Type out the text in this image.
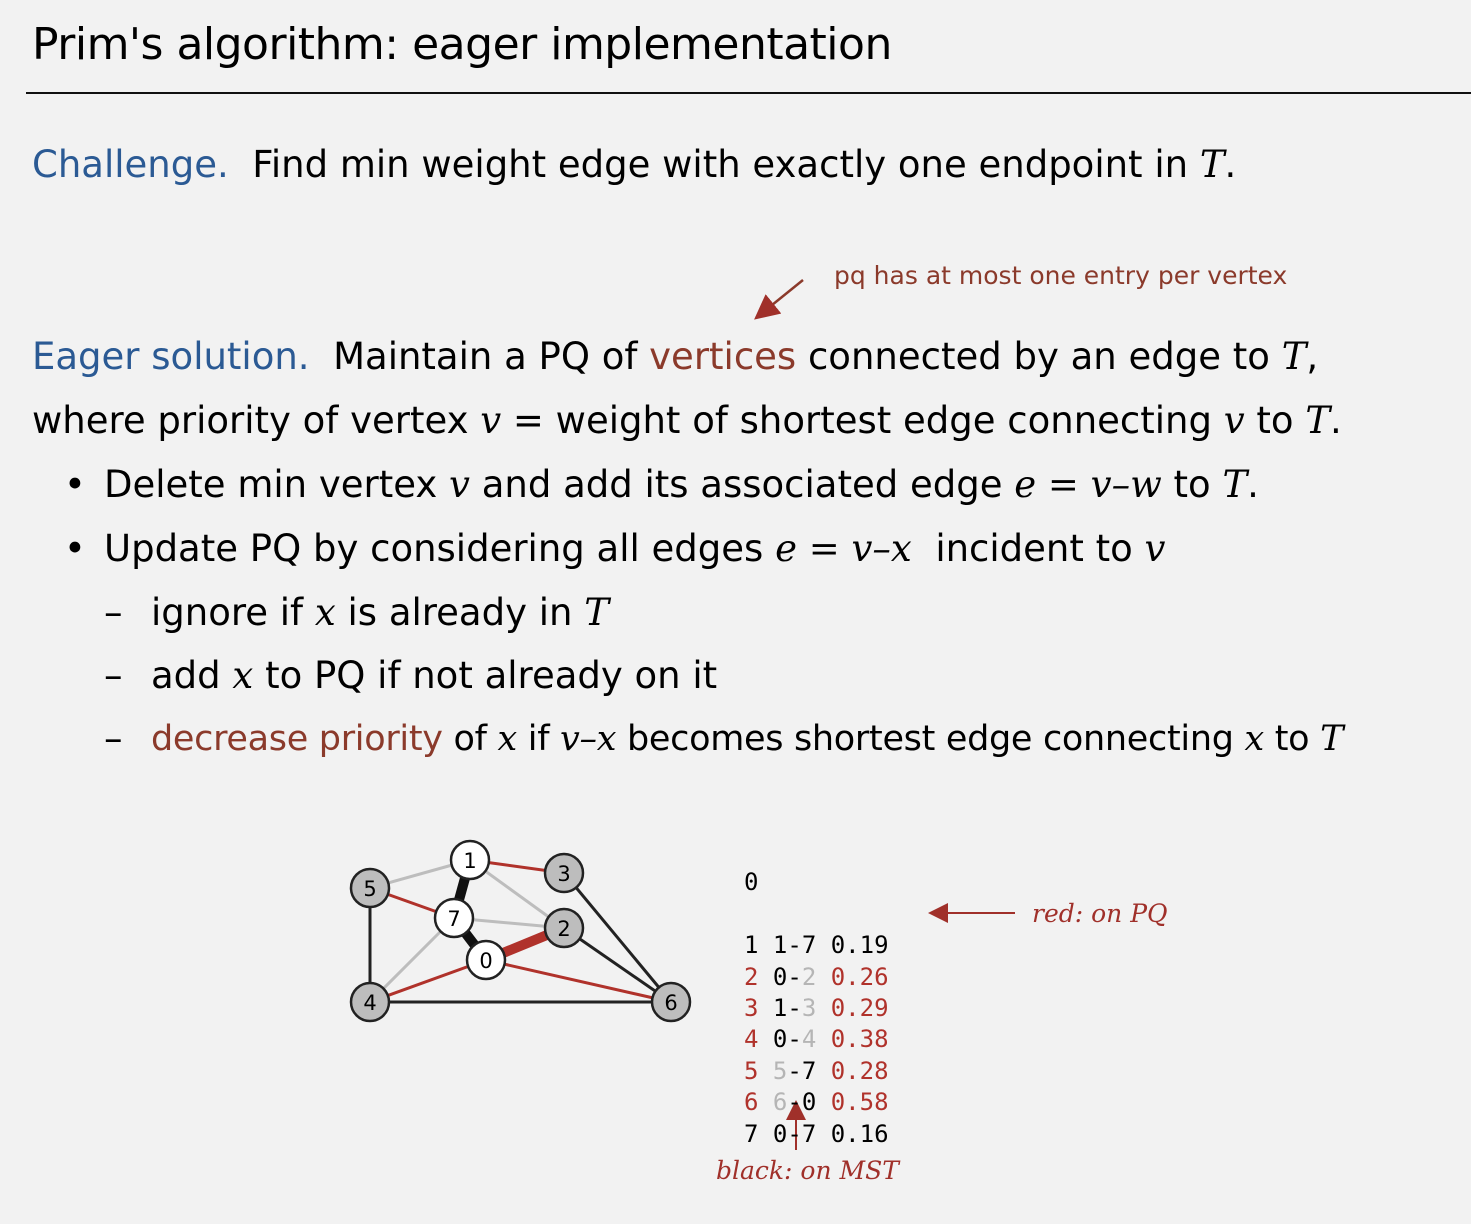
Prim's algorithm: eager implementation
Challenge. Find min weight edge with exactly one endpoint in T.
pq has at most one entry per vertex
Eager solution. Maintain a PQ of vertices connected by an edge to T,
where priority of vertex v = weight of shortest edge connecting v to T.
• Delete min vertex v and add its associated edge e = v–w to T.
• Update PQ by considering all edges e = v–x incident to v
– ignore if x is already in T
– add x to PQ if not already on it
– decrease priority of x if v–x becomes shortest edge connecting x to T
5
1
3
7	2
0
4	6

0

1 1-7 0.19
2 0-2 0.26
3 1-3 0.29
4 0-4 0.38
5 5-7 0.28
6 6-0 0.58
7 0-7 0.16

red: on PQ
black: on MST
